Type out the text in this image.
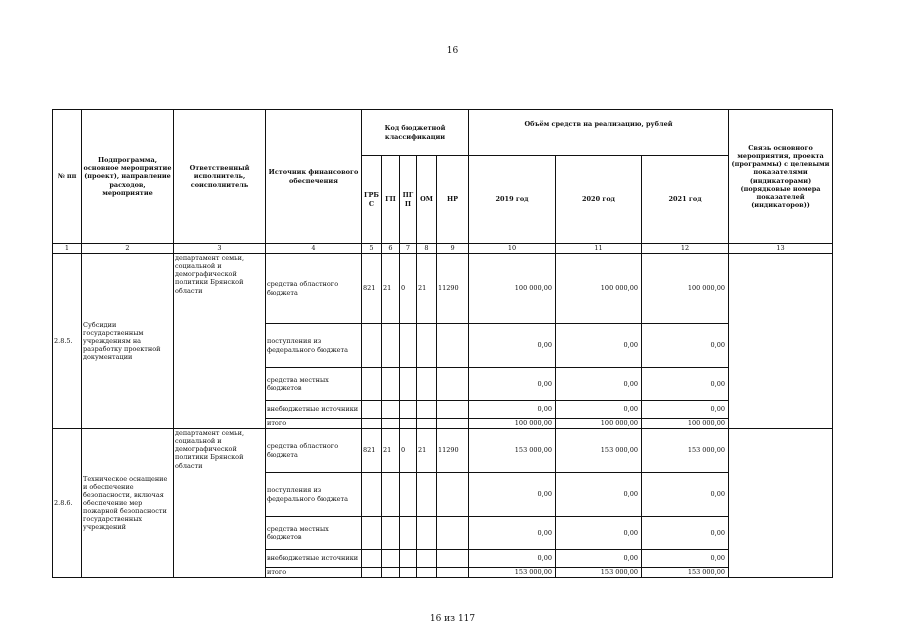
16
№ пп	Подпрограмма, основное мероприятие (проект), направление расходов, мероприятие	Ответственный исполнитель, соисполнитель	Источник финансового обеспечения	Код бюджетной классификации					Объём средств на реализацию, рублей			Связь основного мероприятия, проекта (программы) с целевыми показателями (индикаторами) (порядковые номера показателей (индикаторов))
				ГРБ С	ГП	ПГ П	ОМ	НР	2019 год	2020 год	2021 год	
1	2	3	4	5	6	7	8	9	10	11	12	13
2.8.5.	Субсидии государственным учреждениям на разработку проектной документации	департамент семьи, социальной и демографической политики Брянской области	средства областного бюджета	821	21	0	21	11290	100 000,00	100 000,00	100 000,00	
			поступления из федерального бюджета						0,00	0,00	0,00	
			средства местных бюджетов						0,00	0,00	0,00	
			внебюджетные источники						0,00	0,00	0,00	
			итого						100 000,00	100 000,00	100 000,00	
2.8.6.	Техническое оснащение и обеспечение безопасности, включая обеспечение мер пожарной безопасности государственных учреждений	департамент семьи, социальной и демографической политики Брянской области	средства областного бюджета	821	21	0	21	11290	153 000,00	153 000,00	153 000,00	
			поступления из федерального бюджета						0,00	0,00	0,00	
			средства местных бюджетов						0,00	0,00	0,00	
			внебюджетные источники						0,00	0,00	0,00	
			итого						153 000,00	153 000,00	153 000,00	
16 из 117
